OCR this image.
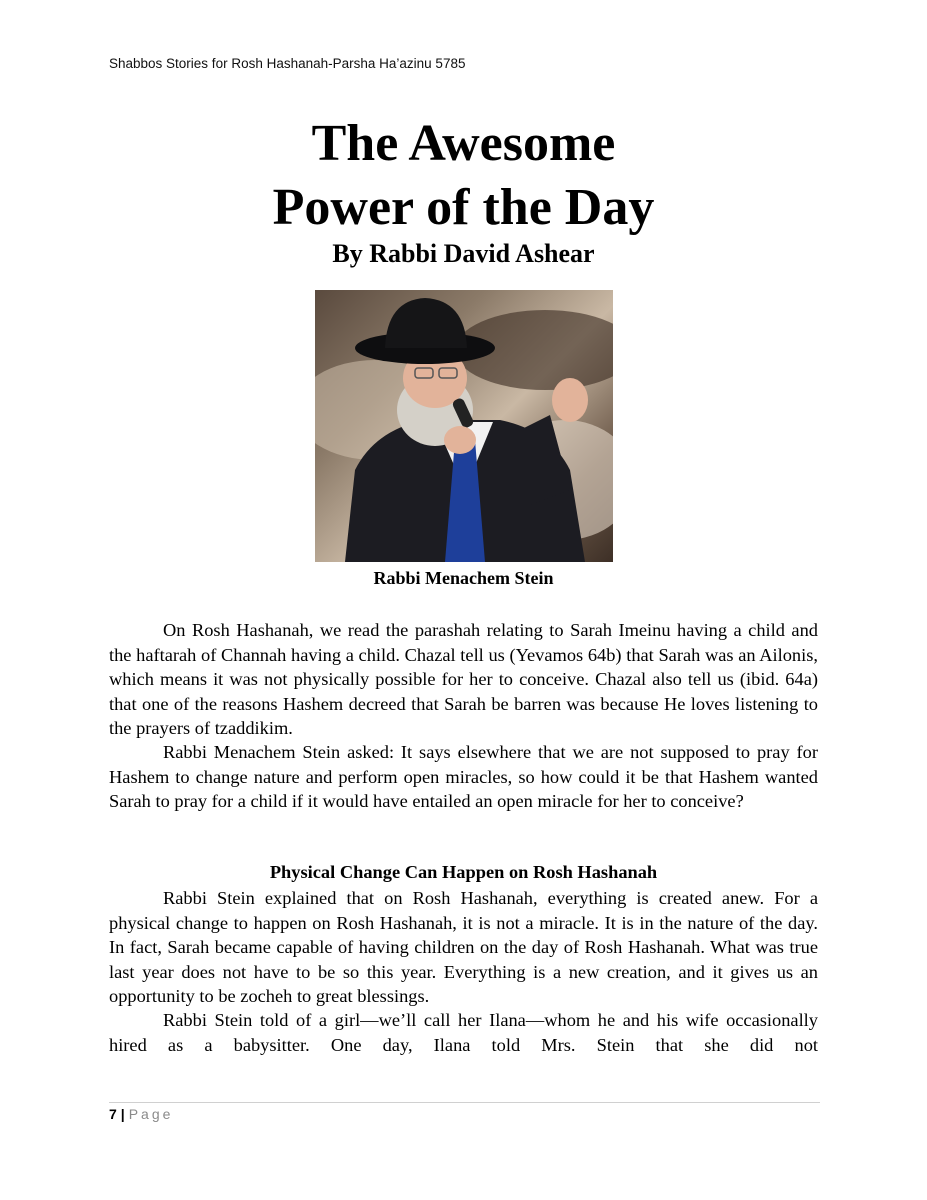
Shabbos Stories for Rosh Hashanah-Parsha Ha’azinu 5785
The Awesome
Power of the Day
By Rabbi David Ashear
Rabbi Menachem Stein

On Rosh Hashanah, we read the parashah relating to Sarah Imeinu having a child and the haftarah of Channah having a child. Chazal tell us (Yevamos 64b) that Sarah was an Ailonis, which means it was not physically possible for her to conceive. Chazal also tell us (ibid. 64a) that one of the reasons Hashem decreed that Sarah be barren was because He loves listening to the prayers of tzaddikim.

Rabbi Menachem Stein asked: It says elsewhere that we are not supposed to pray for Hashem to change nature and perform open miracles, so how could it be that Hashem wanted Sarah to pray for a child if it would have entailed an open miracle for her to conceive?

Physical Change Can Happen on Rosh Hashanah

Rabbi Stein explained that on Rosh Hashanah, everything is created anew. For a physical change to happen on Rosh Hashanah, it is not a miracle. It is in the nature of the day. In fact, Sarah became capable of having children on the day of Rosh Hashanah. What was true last year does not have to be so this year. Everything is a new creation, and it gives us an opportunity to be zocheh to great blessings.

Rabbi Stein told of a girl—we’ll call her Ilana—whom he and his wife occasionally hired as a babysitter. One day, Ilana told Mrs. Stein that she did not

7 | Page
